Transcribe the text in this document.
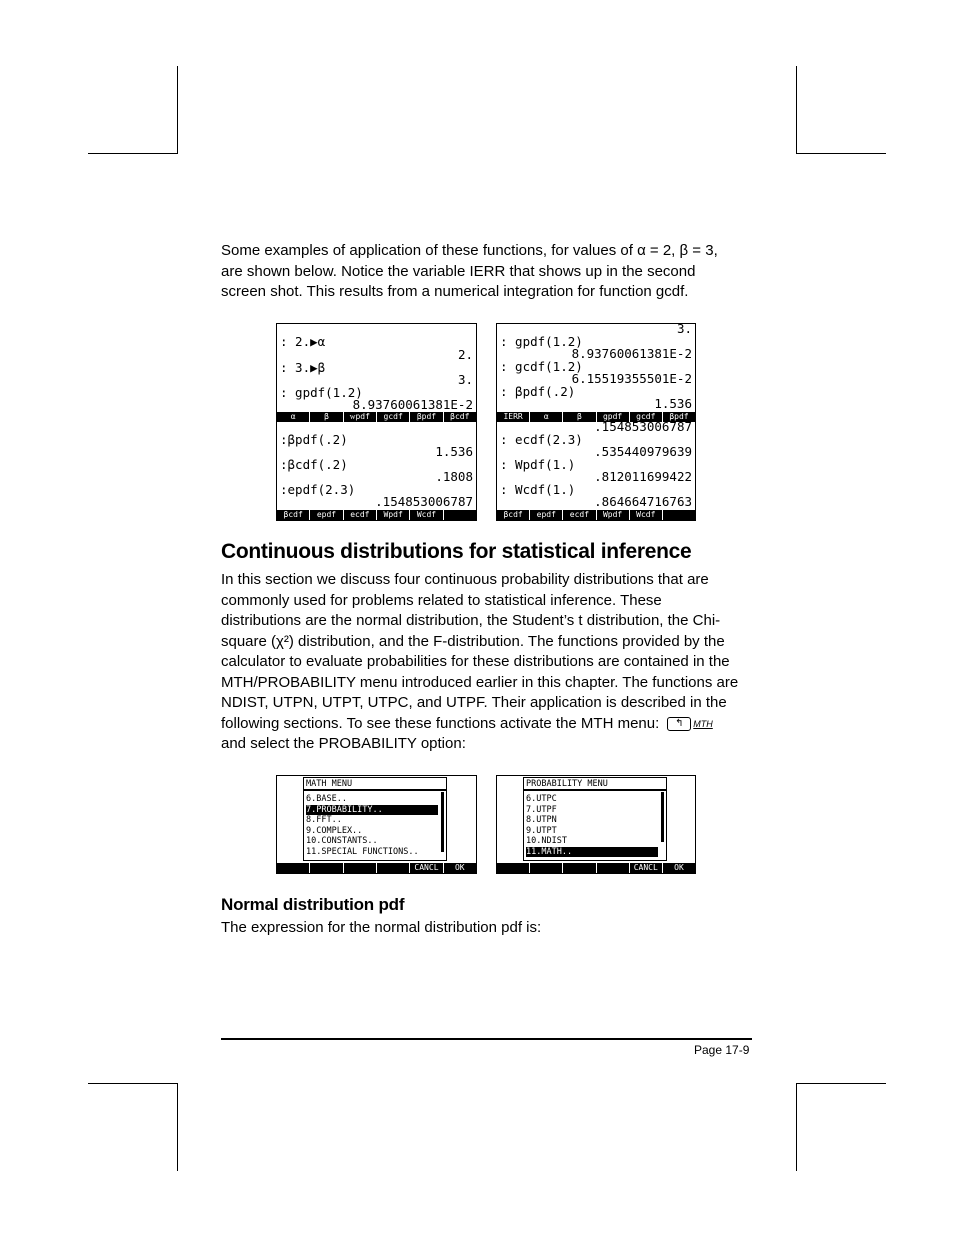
Some examples of application of these functions, for values of α = 2, β = 3,
are shown below. Notice the variable IERR that shows up in the second
screen shot. This results from a numerical integration for function gcdf.

: 2.▶α

2.

: 3.▶β

3.

: gpdf(1.2)

8.93760061381E-2

α	β	ᴡpdf	gcdf	βpdf	βcdf

:βpdf(.2)

1.536

:βcdf(.2)

.1808

:epdf(2.3)

.154853006787

βcdf	epdf	ecdf	Wpdf	Wcdf

3.

: gpdf(1.2)

8.93760061381E-2

: gcdf(1.2)

6.15519355501E-2

: βpdf(.2)

1.536

IERR	α	β	gpdf	gcdf	βpdf

.154853006787

: ecdf(2.3)

.535440979639

: Wpdf(1.)

.812011699422

: Wcdf(1.)

.864664716763

βcdf	epdf	ecdf	Wpdf	Wcdf

Continuous distributions for statistical inference
In this section we discuss four continuous probability distributions that are
commonly used for problems related to statistical inference. These
distributions are the normal distribution, the Student’s t distribution, the Chi-
square (χ²) distribution, and the F-distribution. The functions provided by the
calculator to evaluate probabilities for these distributions are contained in the
MTH/PROBABILITY menu introduced earlier in this chapter. The functions are
NDIST, UTPN, UTPT, UTPC, and UTPF. Their application is described in the
following sections. To see these functions activate the MTH menu: ↰ MTH
and select the PROBABILITY option:
MATH MENU
6.BASE..
7.PROBABILITY..
8.FFT..
9.COMPLEX..
10.CONSTANTS..
11.SPECIAL FUNCTIONS..
CANCL	OK
PROBABILITY MENU
6.UTPC
7.UTPF
8.UTPN
9.UTPT
10.NDIST
11.MATH..
CANCL	OK
Normal distribution pdf
The expression for the normal distribution pdf is:
Page 17-9
